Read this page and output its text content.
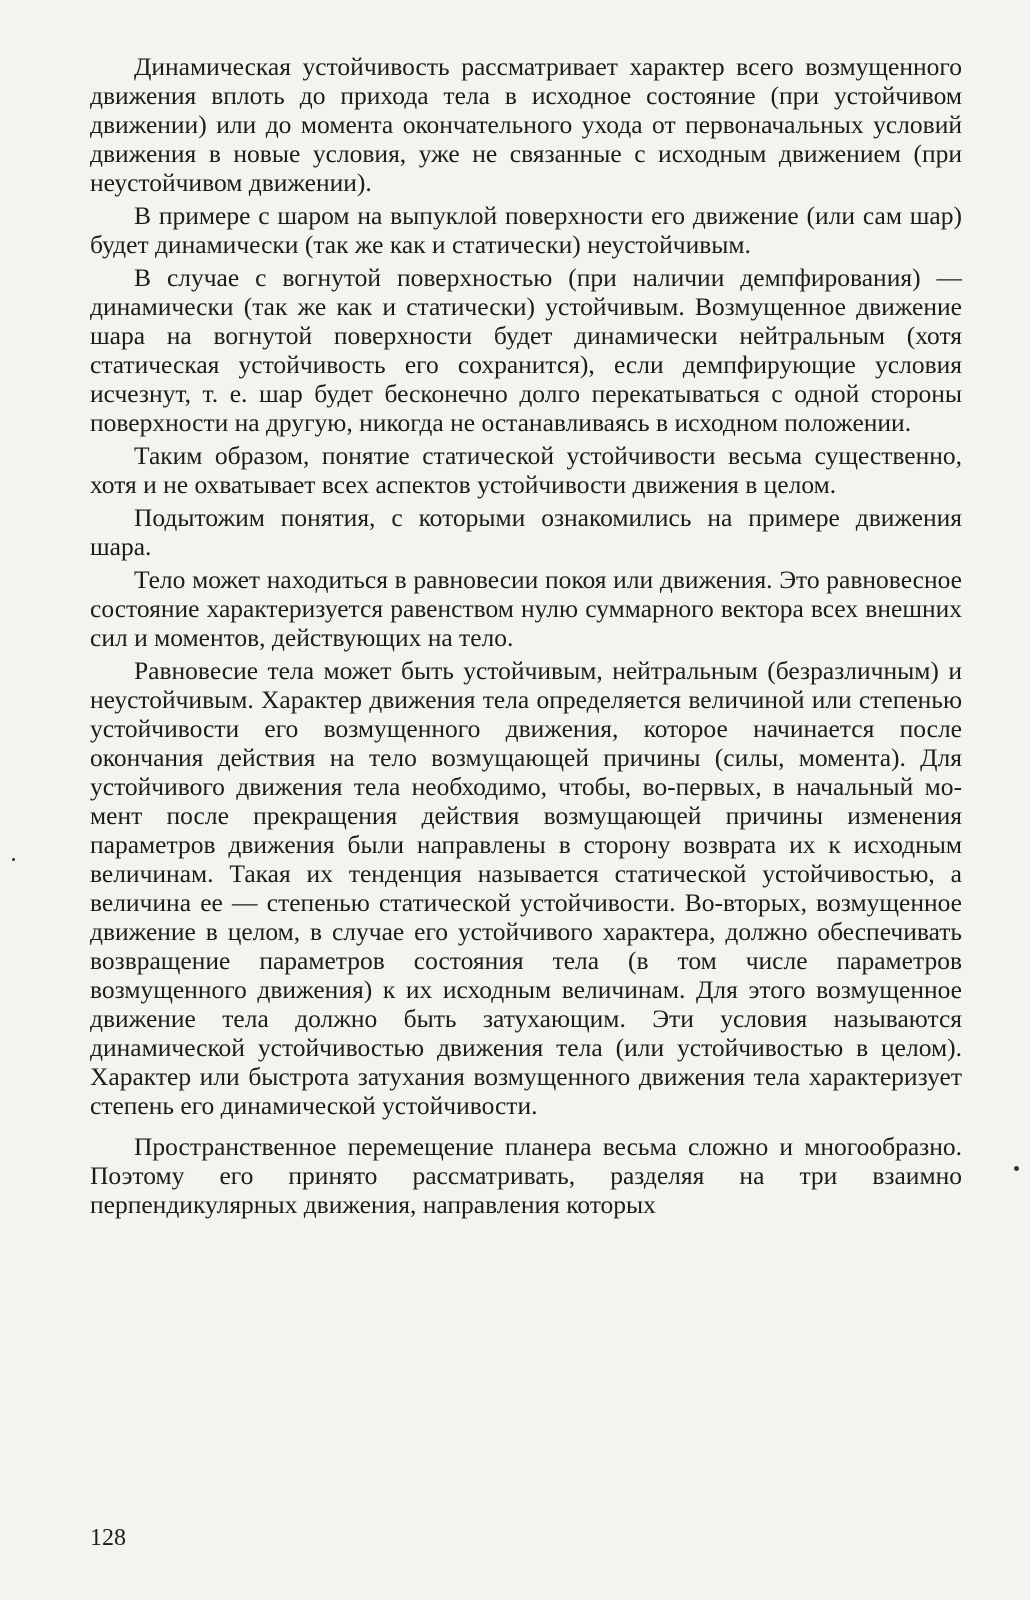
Динамическая устойчивость рассматривает характер всего возмущенного движения вплоть до прихода тела в исходное состояние (при устойчивом движении) или до момента окончательного ухода от первоначальных условий движения в новые условия, уже не связанные с исходным движением (при неустойчивом движении).

В примере с шаром на выпуклой поверхности его движение (или сам шар) будет динамически (так же как и статически) неустойчивым.

В случае с вогнутой поверхностью (при наличии демпфирования) — динамически (так же как и статически) устойчивым. Возмущенное движение шара на вогнутой поверхности будет динамически нейтральным (хотя статическая устойчивость его сохранится), если демпфирующие условия исчезнут, т. е. шар будет бесконечно долго перекатываться с одной стороны поверхности на другую, никогда не останавливаясь в исходном положении.

Таким образом, понятие статической устойчивости весьма существенно, хотя и не охватывает всех аспектов устойчивости движения в целом.

Подытожим понятия, с которыми ознакомились на примере движения шара.

Тело может находиться в равновесии покоя или движения. Это равновесное состояние характеризуется равенством нулю суммарного вектора всех внешних сил и моментов, действующих на тело.

Равновесие тела может быть устойчивым, нейтральным (безразличным) и неустойчивым. Характер движения тела определяется величиной или степенью устойчивости его возмущенного движения, которое начинается после окончания действия на тело возмущающей причины (силы, момента). Для устойчивого движения тела необходимо, чтобы, во-первых, в начальный момент после прекращения действия возмущающей причины изменения параметров движения были направлены в сторону возврата их к исходным величинам. Такая их тенденция называется статической устойчивостью, а величина ее — степенью статической устойчивости. Во-вторых, возмущенное движение в целом, в случае его устойчивого характера, должно обеспечивать возвращение параметров состояния тела (в том числе параметров возмущенного движения) к их исходным величинам. Для этого возмущенное движение тела должно быть затухающим. Эти условия называются динамической устойчивостью движения тела (или устойчивостью в целом). Характер или быстрота затухания возмущенного движения тела характеризует степень его динамической устойчивости.

Пространственное перемещение планера весьма сложно и многообразно. Поэтому его принято рассматривать, разделяя на три взаимно перпендикулярных движения, направления которых

128
